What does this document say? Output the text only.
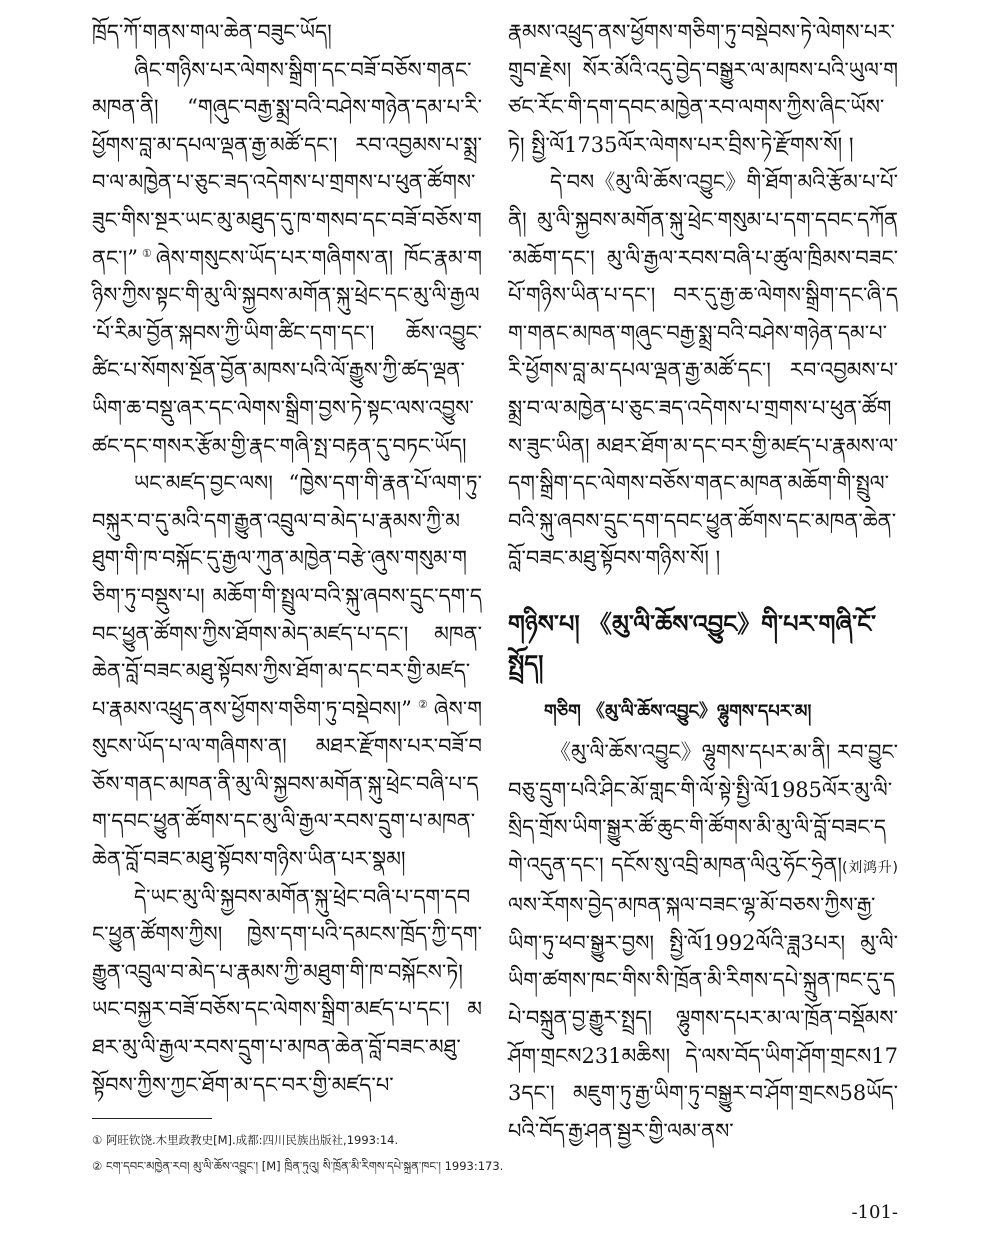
ཁྲོད་ཀོ་གནས་གལ་ཆེན་བཟུང་ཡོད།

ཞིང་གཉིས་པར་ལེགས་སྒྲིག་དང་བཟོ་བཅོས་གནང་མཁན་ནི། “གཞུང་བརྒྱ་སྨྲ་བའི་བཤེས་གཉེན་དམ་པ་རི་ཕྱོགས་བླ་མ་དཔལ་ལྡན་རྒྱ་མཚོ་དང་། རབ་འབྱམས་པ་སྨྲ་བ་ལ་མཁྱེན་པ་ཅུང་ཟད་འདེགས་པ་གྲགས་པ་ཕུན་ཚོགས་ཟུང་གིས་སྔར་ཡང་མུ་མཐུད་དུ་ཁ་གསབ་དང་བཟོ་བཅོས་གནང་།”①ཞེས་གསུངས་ཡོད་པར་གཞིགས་ན། ཁོང་རྣམ་གཉིས་ཀྱིས་སྟང་གི་མུ་ལི་སྐྱབས་མགོན་སྐུ་ཕྲེང་དང་མུ་ལི་རྒྱལ་པོ་རིམ་བྱོན་སྐབས་ཀྱི་ཡིག་ཚིང་དག་དང་། ཆོས་འབྱུང་ཚིང་པ་སོགས་སྔོན་བྱོན་མཁས་པའི་ལོ་རྒྱུས་ཀྱི་ཚད་ལྡན་ཡིག་ཆ་བསྡུ་ཞར་དང་ལེགས་སྒྲིག་བྱས་ཏེ་སྟང་ལས་འབྱུས་ཚང་དང་གསར་རྩོམ་གྱི་རྣང་གཞི་སྤ་བརྟན་དུ་བཏང་ཡོད།

ཡང་མཛད་བྱང་ལས། “ཁྱེས་དག་གི་རྣན་པོ་ལག་ཏུ་བསྐུར་བ་དུ་མའི་དག་རྒྱུན་འབྲུལ་བ་མེད་པ་རྣམས་ཀྱི་མཐུག་གི་ཁ་བསྐོང་དུ་རྒྱལ་ཀུན་མཁྱེན་བརྩེ་ཞུས་གསུམ་གཅིག་ཏུ་བསྡུས་པ། མཆོག་གི་སྤྲུལ་བའི་སྐུ་ཞབས་དྲུང་དག་དབང་ཕྱུན་ཚོགས་ཀྱིས་ཐོགས་མེད་མཛད་པ་དང་། མཁན་ཆེན་བློ་བཟང་མཐུ་སྟོབས་ཀྱིས་ཐོག་མ་དང་བར་གྱི་མཛད་པ་རྣམས་འཕྲུད་ནས་ཕྱོགས་གཅིག་ཏུ་བསྡེབས།”②ཞེས་གསུངས་ཡོད་པ་ལ་གཞིགས་ན། མཐར་རྫོགས་པར་བཟོ་བཅོས་གནང་མཁན་ནི་མུ་ལི་སྐྱབས་མགོན་སྐུ་ཕྲེང་བཞི་པ་དག་དབང་ཕྱུན་ཚོགས་དང་མུ་ལི་རྒྱལ་རབས་དྲུག་པ་མཁན་ཆེན་བློ་བཟང་མཐུ་སྟོབས་གཉིས་ཡིན་པར་སྣམ།

དེ་ཡང་མུ་ལི་སྐྱབས་མགོན་སྐུ་ཕྲེང་བཞི་པ་དག་དབང་ཕྱུན་ཚོགས་ཀྱིས། ཁྱེས་དག་པའི་དམངས་ཁྲོད་ཀྱི་དག་རྒྱུན་འབྲུལ་བ་མེད་པ་རྣམས་ཀྱི་མཐུག་གི་ཁ་བསྐོངས་ཏེ། ཡང་བསྐྱར་བཟོ་བཅོས་དང་ལེགས་སྒྲིག་མཛད་པ་དང་། མཐར་མུ་ལི་རྒྱལ་རབས་དྲུག་པ་མཁན་ཆེན་བློ་བཟང་མཐུ་སྟོབས་ཀྱིས་ཀྱང་ཐོག་མ་དང་བར་གྱི་མཛད་པ་

རྣམས་འཕྲུད་ནས་ཕྱོགས་གཅིག་ཏུ་བསྡེབས་ཏེ་ལེགས་པར་གྲུབ་རྗེས། སོར་མོའི་འདུ་བྱེད་བསྒྱུར་ལ་མཁས་པའི་ཡུལ་གཙང་རོང་གི་དག་དབང་མཁྱེན་རབ་ལགས་ཀྱིས་ཞིང་ཡོས་ཏེ། སྤྱི་ལོ1735ལོར་ལེགས་པར་བྲིས་ཏེ་རྫོགས་སོ། །

དེ་བས《མུ་ལི་ཆོས་འབྱུང》གི་ཐོག་མའི་རྩོམ་པ་པོ་ནི། མུ་ལི་སྐྱབས་མགོན་སྐུ་ཕྲེང་གསུམ་པ་དག་དབང་དཀོན་མཆོག་དང་། མུ་ལི་རྒྱལ་རབས་བཞི་པ་ཚུལ་ཁྲིམས་བཟང་པོ་གཉིས་ཡིན་པ་དང་། བར་དུ་རྒྱ་ཆ་ལེགས་སྒྲིག་དང་ཞི་དག་གནང་མཁན་གཞུང་བརྒྱ་སྨྲ་བའི་བཤེས་གཉེན་དམ་པ་རི་ཕྱོགས་བླ་མ་དཔལ་ལྡན་རྒྱ་མཚོ་དང་། རབ་འབྱམས་པ་སྨྲ་བ་ལ་མཁྱེན་པ་ཅུང་ཟད་འདེགས་པ་གྲགས་པ་ཕུན་ཚོགས་ཟུང་ཡིན། མཐར་ཐོག་མ་དང་བར་གྱི་མཛད་པ་རྣམས་ལ་དག་སྒྲིག་དང་ལེགས་བཅོས་གནང་མཁན་མཆོག་གི་སྤྲུལ་བའི་སྐུ་ཞབས་དྲུང་དག་དབང་ཕྱུན་ཚོགས་དང་མཁན་ཆེན་བློ་བཟང་མཐུ་སྟོབས་གཉིས་སོ། །

གཉིས་པ། 《མུ་ལི་ཆོས་འབྱུང》གི་པར་གཞི་ངོ་སྤྲོད།
གཅིག 《མུ་ལི་ཆོས་འབྱུང》ལྷུགས་དཔར་མ།

《མུ་ལི་ཆོས་འབྱུང》ལྷུགས་དཔར་མ་ནི། རབ་བྱུང་བཅུ་དྲུག་པའི་ཤིང་མོ་གླང་གི་ལོ་སྟེ་སྤྱི་ལོ1985ལོར་མུ་ལི་སྲིད་གྲོས་ཡིག་སྒྱུར་ཚོ་ཆུང་གི་ཚོགས་མི་མུ་ལི་བློ་བཟང་དགེ་འདུན་དང་། དངོས་སུ་འབྲི་མཁན་ལིའུ་ཧོང་ཧྲེན།(刘鸿升)ལས་རོགས་བྱེད་མཁན་སྐལ་བཟང་ལྷ་མོ་བཅས་ཀྱིས་རྒྱ་ཡིག་ཏུ་ཕབ་སྒྱུར་བྱས། སྤྱི་ལོ1992ལོའི་ཟླ3པར། མུ་ལི་ཡིག་ཚགས་ཁང་གིས་སི་ཁྲོན་མི་རིགས་དཔེ་སྐྲུན་ཁང་དུ་དཔེ་བསྐྲུན་བྱ་རྒྱུར་སྤྲད། ལྷུགས་དཔར་མ་ལ་ཁྲོན་བསྡོམས་ཤོག་གྲངས231མཆིས། དེ་ལས་བོད་ཡིག་ཤོག་གྲངས173དང་། མཇུག་ཏུ་རྒྱ་ཡིག་ཏུ་བསྒྱུར་བ་ཤོག་གྲངས58ཡོད་པའི་བོད་རྒྱ་ཤན་སྦྱར་གྱི་ལམ་ནས་

① 阿旺钦饶.木里政教史[M].成都:四川民族出版社,1993:14.
② ངག་དབང་མཁྱེན་རབ། མུ་ལི་ཆོས་འབྱུང་། [M] ཁྲིན་ཏུའུ། སི་ཁྲོན་མི་རིགས་དཔེ་སྐྲུན་ཁང་། 1993:173.
-101-
